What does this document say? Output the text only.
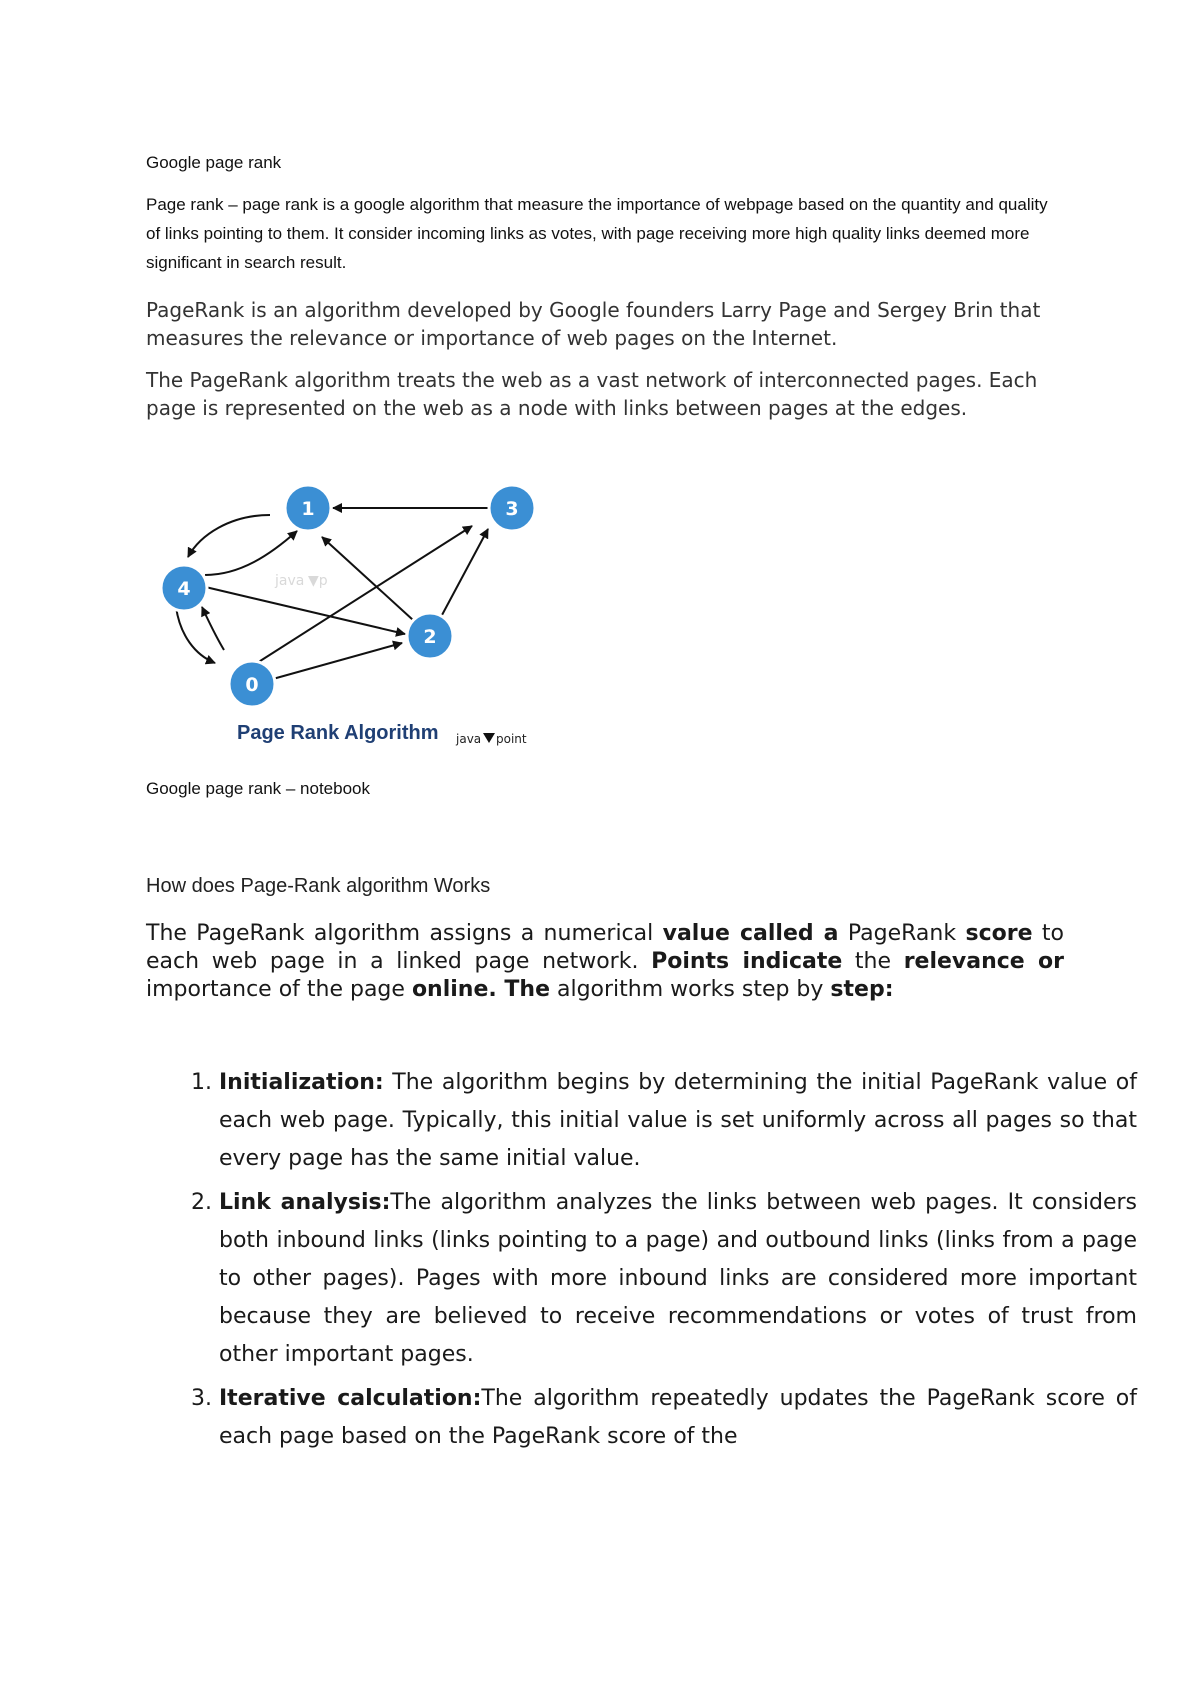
Google page rank

Page rank – page rank is a google algorithm that measure the importance of webpage based on the quantity and quality of links pointing to them. It consider incoming links as votes, with page receiving more high quality links deemed more significant in search result.

PageRank is an algorithm developed by Google founders Larry Page and Sergey Brin that measures the relevance or importance of web pages on the Internet.

The PageRank algorithm treats the web as a vast network of interconnected pages. Each page is represented on the web as a node with links between pages at the edges.

java ▼p
1	3
4
2
0
Page Rank Algorithm java point

Google page rank – notebook

How does Page-Rank algorithm Works

The PageRank algorithm assigns a numerical value called a PageRank score to each web page in a linked page network. Points indicate the relevance or importance of the page online. The algorithm works step by step:

1. Initialization: The algorithm begins by determining the initial PageRank value of each web page. Typically, this initial value is set uniformly across all pages so that every page has the same initial value.
2. Link analysis:The algorithm analyzes the links between web pages. It considers both inbound links (links pointing to a page) and outbound links (links from a page to other pages). Pages with more inbound links are considered more important because they are believed to receive recommendations or votes of trust from other important pages.
3. Iterative calculation:The algorithm repeatedly updates the PageRank score of each page based on the PageRank score of the
